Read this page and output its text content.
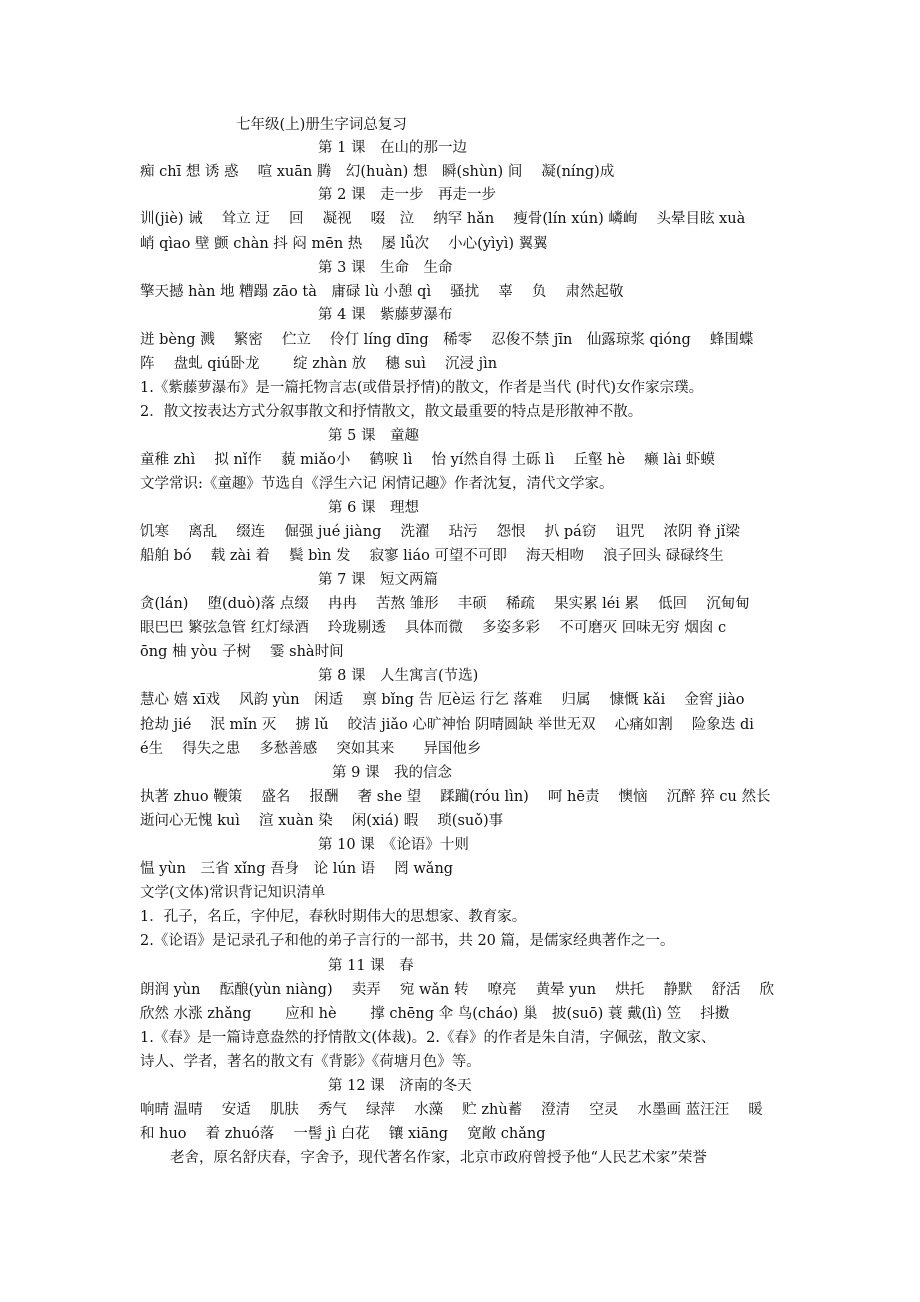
七年级(上)册生字词总复习
第 1 课　在山的那一边
痴 chī 想 诱 惑　 喧 xuān 腾　幻(huàn) 想　瞬(shùn) 间　 凝(níng)成
第 2 课　走一步　再走一步
训(jiè) 诫　 耸立 迂　 回　 凝视　 啜　泣　 纳罕 hǎn　 瘦骨(lín xún) 嶙峋　 头晕目眩 xuà
峭 qìao 壁 颤 chàn 抖 闷 mēn 热　 屡 lǚ次　 小心(yìyì) 翼翼
第 3 课　生命　生命
擎天撼 hàn 地 糟蹋 zāo tà　庸碌 lù 小憩 qì　 骚扰　 辜　 负　 肃然起敬
第 4 课　紫藤萝瀑布
迸 bèng 溅　 繁密　 伫立　 伶仃 líng dīng　稀零　 忍俊不禁 jīn　仙露琼浆 qióng　 蜂围蝶
阵　 盘虬 qiú卧龙　　 绽 zhàn 放　 穗 suì　 沉浸 jìn
1.《紫藤萝瀑布》是一篇托物言志(或借景抒情)的散文，作者是当代 (时代)女作家宗璞。
2．散文按表达方式分叙事散文和抒情散文，散文最重要的特点是形散神不散。
第 5 课　童趣
童稚 zhì　 拟 nǐ作　 藐 miǎo小　 鹤唳 lì　 怡 yí然自得 土砾 lì　 丘壑 hè　 癞 lài 虾蟆
文学常识:《童趣》节选自《浮生六记 闲情记趣》作者沈复，清代文学家。
第 6 课　理想
饥寒　 离乱　 缀连　 倔强 jué jiàng　 洗濯　 玷污　 怨恨　 扒 pá窃　 诅咒　 浓阴 脊 jǐ梁
船舶 bó　 载 zài 着　 鬓 bìn 发　 寂寥 liáo 可望不可即　 海天相吻　 浪子回头 碌碌终生
第 7 课　短文两篇
贪(lán)　 堕(duò)落 点缀　 冉冉　 苦熬 雏形　 丰硕　 稀疏　 果实累 léi 累　 低回　 沉甸甸
眼巴巴 繁弦急管 红灯绿酒　 玲珑剔透　 具体而微　 多姿多彩　 不可磨灭 回味无穷 烟囱 c
ōng 柚 yòu 子树　 霎 shà时间
第 8 课　人生寓言(节选)
慧心 嬉 xī戏　 风韵 yùn　闲适　 禀 bǐng 告 厄è运 行乞 落难　 归属　 慷慨 kǎi　 金窖 jiào
抢劫 jié　 泯 mǐn 灭　 掳 lǔ　 皎洁 jiǎo 心旷神怡 阴晴圆缺 举世无双　 心痛如割　 险象迭 di
é生　 得失之患　 多愁善感　 突如其来　　异国他乡
第 9 课　我的信念
执著 zhuo 鞭策　 盛名　 报酬　 奢 she 望　 蹂躏(róu lìn)　 呵 hē责　 懊恼　 沉醉 猝 cu 然长
逝问心无愧 kuì　 渲 xuàn 染　 闲(xiá) 暇　 琐(suǒ)事
第 10 课　《论语》十则
愠 yùn　三省 xǐng 吾身　论 lún 语　 罔 wǎng
文学(文体)常识背记知识清单
1．孔子，名丘，字仲尼，春秋时期伟大的思想家、教育家。
2.《论语》是记录孔子和他的弟子言行的一部书，共 20 篇，是儒家经典著作之一。
第 11 课　春
朗润 yùn　 酝酿(yùn niàng)　 卖弄　 宛 wǎn 转　 嘹亮　 黄晕 yun　 烘托　 静默　 舒活　 欣
欣然 水涨 zhǎng　　 应和 hè　　 撑 chēng 伞 鸟(cháo) 巢　披(suō) 蓑 戴(lì) 笠　 抖擞
1.《春》是一篇诗意盎然的抒情散文(体裁)。2.《春》的作者是朱自清，字佩弦，散文家、
诗人、学者，著名的散文有《背影》《荷塘月色》等。
第 12 课　济南的冬天
响晴 温晴　 安适　 肌肤　 秀气　 绿萍　 水藻　 贮 zhù蓄　 澄清　 空灵　 水墨画 蓝汪汪　 暖
和 huo　 着 zhuó落　 一髻 jì 白花　 镶 xiāng　 宽敞 chǎng
老舍，原名舒庆春，字舍予，现代著名作家，北京市政府曾授予他“人民艺术家”荣誉
